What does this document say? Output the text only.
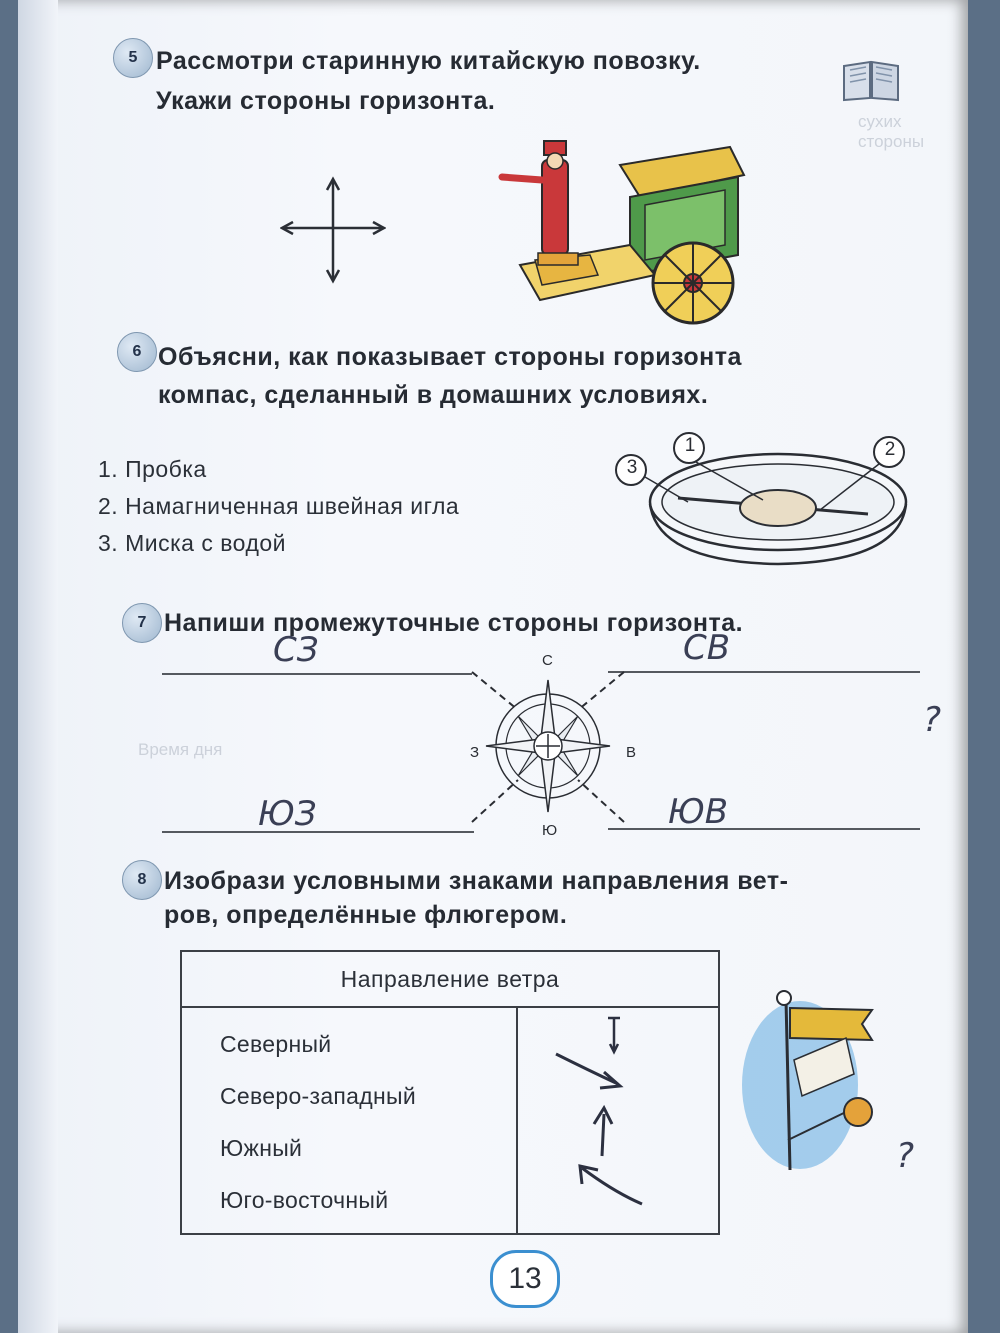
сухих стороны
Время дня
5 Рассмотри старинную китайскую повозку.

Укажи стороны горизонта.

6 Объясни, как показывает стороны горизонта

компас, сделанный в домашних условиях.

1. Пробка
2. Намагниченная швейная игла
3. Миска с водой
1	2
3
7 Напиши промежуточные стороны горизонта.

СЗ	СВ
ЮЗ	ЮВ
?
С
В
Ю
З
8 Изобрази условными знаками направления вет-

ров, определённые флюгером.

Направление ветра

Северный
Северо-западный
Южный
Юго-восточный

?
13
